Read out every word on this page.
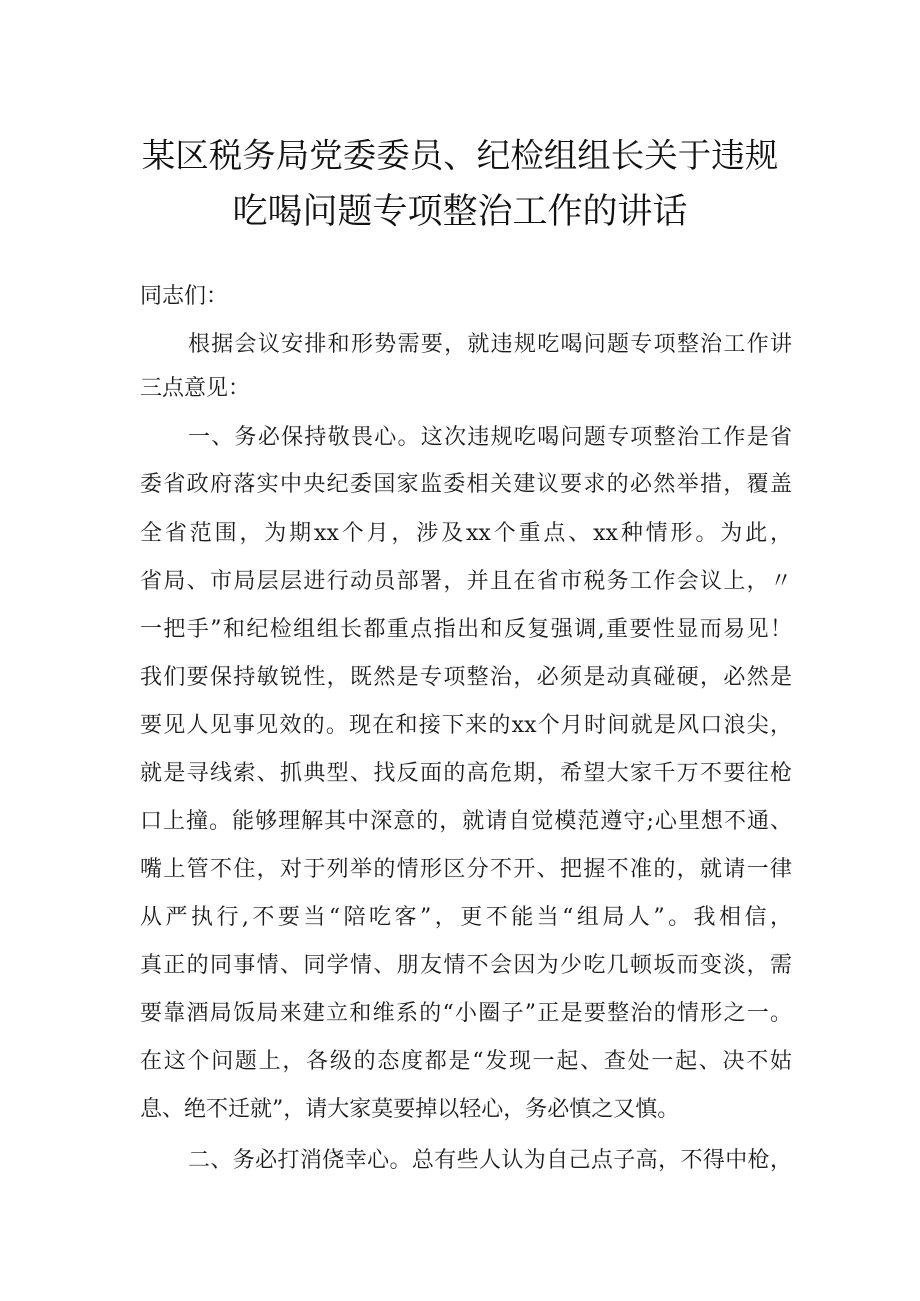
某区税务局党委委员、纪检组组长关于违规
吃喝问题专项整治工作的讲话
同志们：
根据会议安排和形势需要，就违规吃喝问题专项整治工作讲
三点意见：
一、务必保持敬畏心。这次违规吃喝问题专项整治工作是省
委省政府落实中央纪委国家监委相关建议要求的必然举措，覆盖
全省范围，为期xx个月，涉及xx个重点、xx种情形。为此，
省局、市局层层进行动员部署，并且在省市税务工作会议上，〃
一把手”和纪检组组长都重点指出和反复强调,重要性显而易见！
我们要保持敏锐性，既然是专项整治，必须是动真碰硬，必然是
要见人见事见效的。现在和接下来的xx个月时间就是风口浪尖，
就是寻线索、抓典型、找反面的高危期，希望大家千万不要往枪
口上撞。能够理解其中深意的，就请自觉模范遵守;心里想不通、
嘴上管不住，对于列举的情形区分不开、把握不准的，就请一律
从严执行,不要当“陪吃客”，更不能当“组局人”。我相信，
真正的同事情、同学情、朋友情不会因为少吃几顿坂而变淡，需
要靠酒局饭局来建立和维系的“小圈子”正是要整治的情形之一。
在这个问题上，各级的态度都是“发现一起、查处一起、决不姑
息、绝不迁就”，请大家莫要掉以轻心，务必慎之又慎。
二、务必打消侥幸心。总有些人认为自己点子高，不得中枪，
